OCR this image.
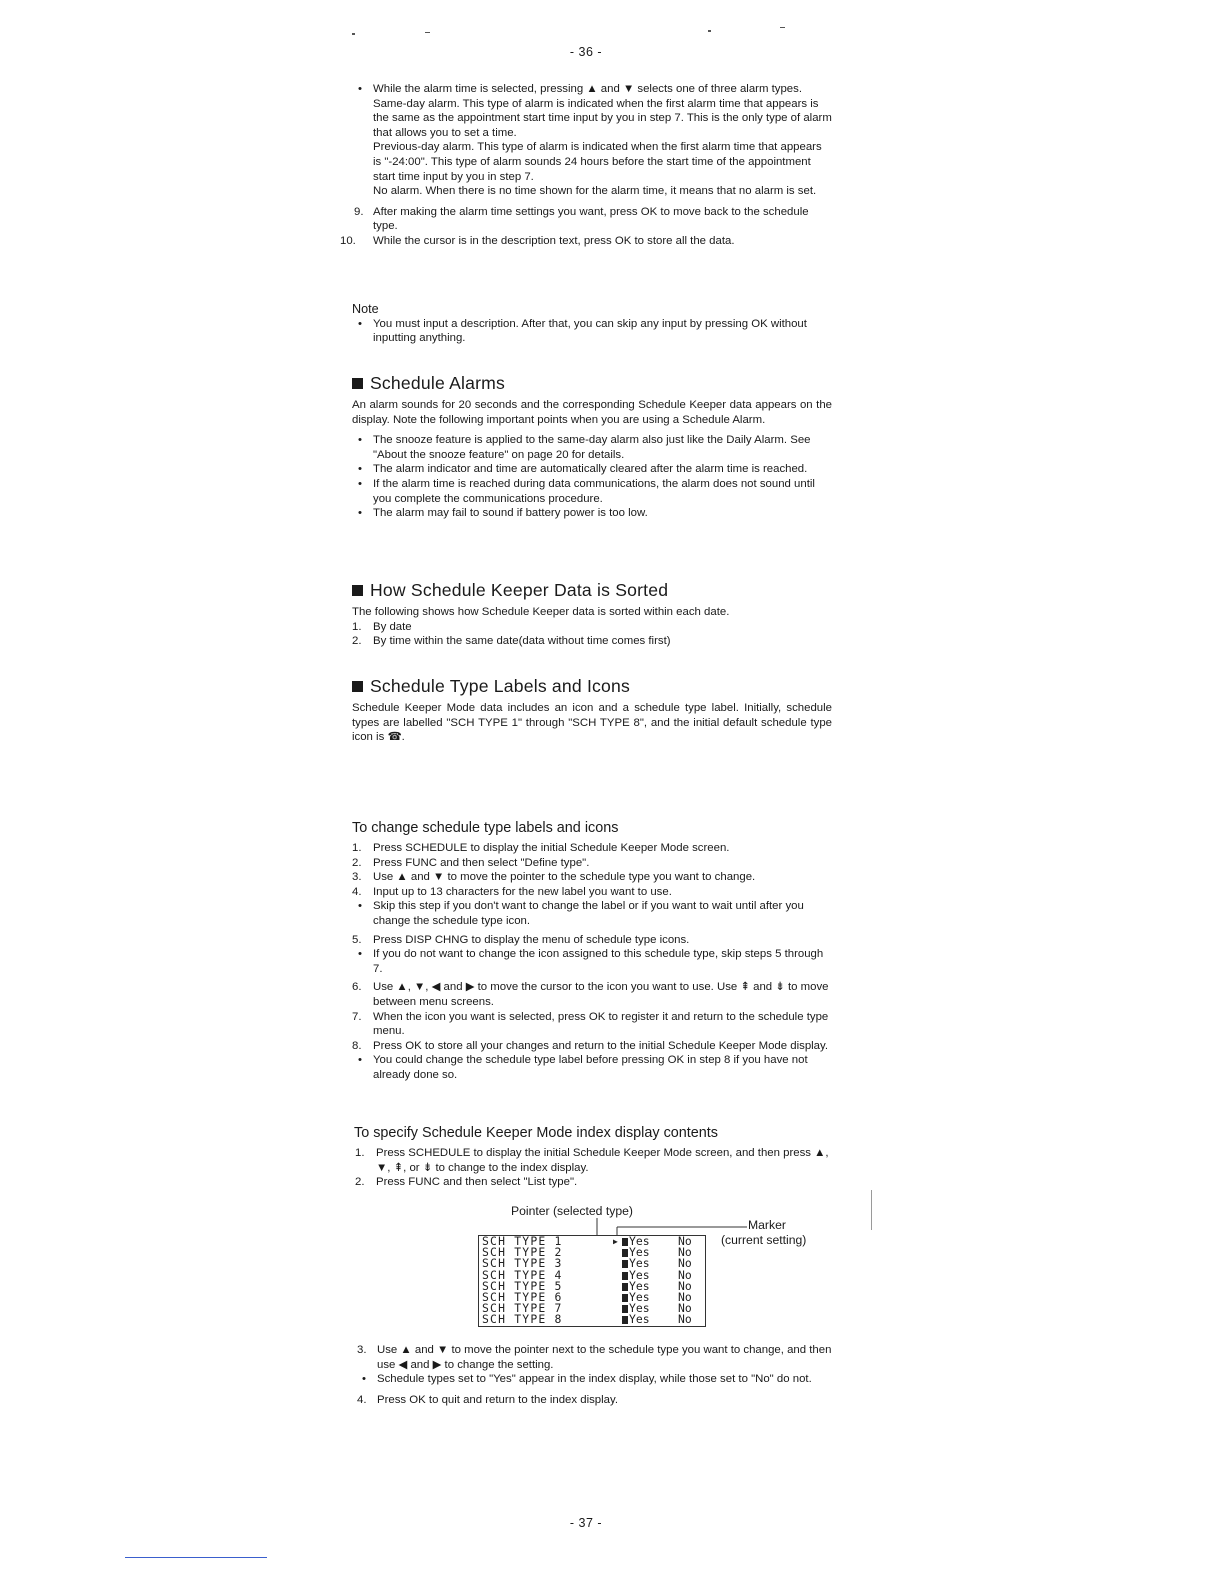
- 36 -
• While the alarm time is selected, pressing ▲ and ▼ selects one of three alarm types.

Same-day alarm. This type of alarm is indicated when the first alarm time that appears is the same as the appointment start time input by you in step 7. This is the only type of alarm that allows you to set a time.

Previous-day alarm. This type of alarm is indicated when the first alarm time that appears is "-24:00". This type of alarm sounds 24 hours before the start time of the appointment start time input by you in step 7.

No alarm. When there is no time shown for the alarm time, it means that no alarm is set.

9. After making the alarm time settings you want, press OK to move back to the schedule type.

10. While the cursor is in the description text, press OK to store all the data.

Note

• You must input a description. After that, you can skip any input by pressing OK without inputting anything.

Schedule Alarms

An alarm sounds for 20 seconds and the corresponding Schedule Keeper data appears on the display. Note the following important points when you are using a Schedule Alarm.

• The snooze feature is applied to the same-day alarm also just like the Daily Alarm. See "About the snooze feature" on page 20 for details.

• The alarm indicator and time are automatically cleared after the alarm time is reached.

• If the alarm time is reached during data communications, the alarm does not sound until you complete the communications procedure.

• The alarm may fail to sound if battery power is too low.

How Schedule Keeper Data is Sorted

The following shows how Schedule Keeper data is sorted within each date.

1. By date

2. By time within the same date(data without time comes first)

Schedule Type Labels and Icons

Schedule Keeper Mode data includes an icon and a schedule type label. Initially, schedule types are labelled "SCH TYPE 1" through "SCH TYPE 8", and the initial default schedule type icon is ☎.

To change schedule type labels and icons
1. Press SCHEDULE to display the initial Schedule Keeper Mode screen.

2. Press FUNC and then select "Define type".

3. Use ▲ and ▼ to move the pointer to the schedule type you want to change.

4. Input up to 13 characters for the new label you want to use.

• Skip this step if you don't want to change the label or if you want to wait until after you change the schedule type icon.

5. Press DISP CHNG to display the menu of schedule type icons.

• If you do not want to change the icon assigned to this schedule type, skip steps 5 through 7.

6. Use ▲, ▼, ◀ and ▶ to move the cursor to the icon you want to use. Use ⇞ and ⇟ to move between menu screens.

7. When the icon you want is selected, press OK to register it and return to the schedule type menu.

8. Press OK to store all your changes and return to the initial Schedule Keeper Mode display.

• You could change the schedule type label before pressing OK in step 8 if you have not already done so.

To specify Schedule Keeper Mode index display contents
1. Press SCHEDULE to display the initial Schedule Keeper Mode screen, and then press ▲, ▼, ⇞, or ⇟ to change to the index display.

2. Press FUNC and then select "List type".

Pointer (selected type)
Marker
(current setting)
SCH TYPE 1	▶ Yes No
SCH TYPE 2	Yes No
SCH TYPE 3	Yes No
SCH TYPE 4	Yes No
SCH TYPE 5	Yes No
SCH TYPE 6	Yes No
SCH TYPE 7	Yes No
SCH TYPE 8	Yes No
3. Use ▲ and ▼ to move the pointer next to the schedule type you want to change, and then use ◀ and ▶ to change the setting.

• Schedule types set to "Yes" appear in the index display, while those set to "No" do not.

4. Press OK to quit and return to the index display.

- 37 -
